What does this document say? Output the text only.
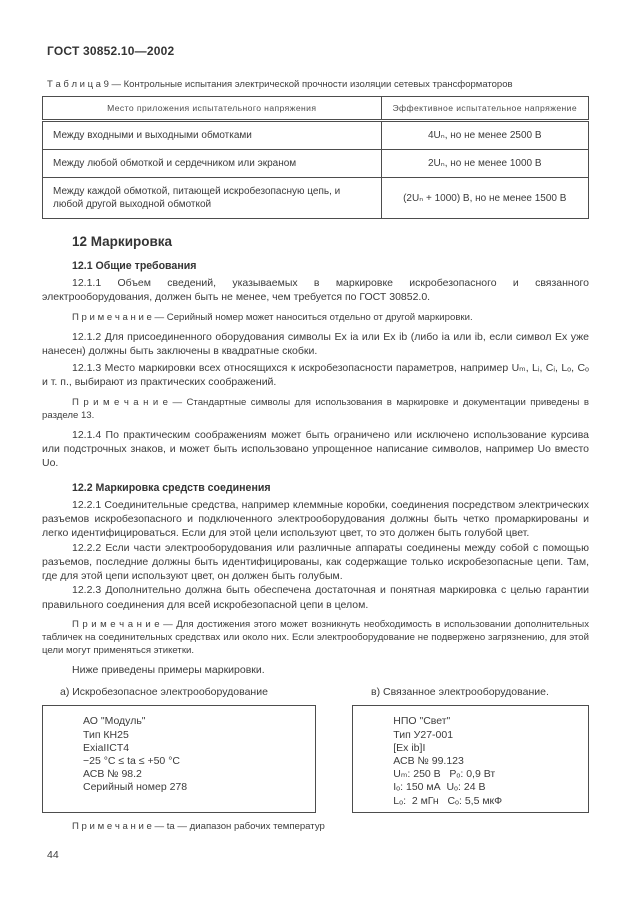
ГОСТ 30852.10—2002
Т а б л и ц а 9 — Контрольные испытания электрической прочности изоляции сетевых трансформаторов
Место приложения испытательного напряжения	Эффективное испытательное напряжение
Между входными и выходными обмотками	4Uₙ, но не менее 2500 В
Между любой обмоткой и сердечником или экраном	2Uₙ, но не менее 1000 В
Между каждой обмоткой, питающей искробезопасную цепь, и любой другой выходной обмоткой	(2Uₙ + 1000) В, но не менее 1500 В
12 Маркировка
12.1 Общие требования

12.1.1 Объем сведений, указываемых в маркировке искробезопасного и связанного электрооборудования, должен быть не менее, чем требуется по ГОСТ 30852.0.

П р и м е ч а н и е — Серийный номер может наноситься отдельно от другой маркировки.

12.1.2 Для присоединенного оборудования символы Ex ia или Ex ib (либо ia или ib, если символ Ex уже нанесен) должны быть заключены в квадратные скобки.

12.1.3 Место маркировки всех относящихся к искробезопасности параметров, например Uₘ, Lᵢ, Cᵢ, Lₒ, Cₒ и т. п., выбирают из практических соображений.

П р и м е ч а н и е — Стандартные символы для использования в маркировке и документации приведены в разделе 13.

12.1.4 По практическим соображениям может быть ограничено или исключено использование курсива или подстрочных знаков, и может быть использовано упрощенное написание символов, например Uo вместо Uo.

12.2 Маркировка средств соединения

12.2.1 Соединительные средства, например клеммные коробки, соединения посредством электрических разъемов искробезопасного и подключенного электрооборудования должны быть четко промаркированы и легко идентифицироваться. Если для этой цели используют цвет, то это должен быть голубой цвет.

12.2.2 Если части электрооборудования или различные аппараты соединены между собой с помощью разъемов, последние должны быть идентифицированы, как содержащие только искробезопасные цепи. Там, где для этой цепи используют цвет, он должен быть голубым.

12.2.3 Дополнительно должна быть обеспечена достаточная и понятная маркировка с целью гарантии правильного соединения для всей искробезопасной цепи в целом.

П р и м е ч а н и е — Для достижения этого может возникнуть необходимость в использовании дополнительных табличек на соединительных средствах или около них. Если электрооборудование не подвержено загрязнению, для этой цели могут применяться этикетки.

Ниже приведены примеры маркировки.

а) Искробезопасное электрооборудование	в) Связанное электрооборудование.
АО "Модуль"
Тип КН25
ExiaIICT4
−25 °C ≤ ta ≤ +50 °C
АСВ № 98.2
Серийный номер 278
НПО "Свет"
Тип У27-001
[Ex ib]I
АСВ № 99.123
Uₘ: 250 В   Pₒ: 0,9 Вт
Iₒ: 150 мА  Uₒ: 24 В
Lₒ:  2 мГн   Cₒ: 5,5 мкФ

П р и м е ч а н и е — ta — диапазон рабочих температур

44
